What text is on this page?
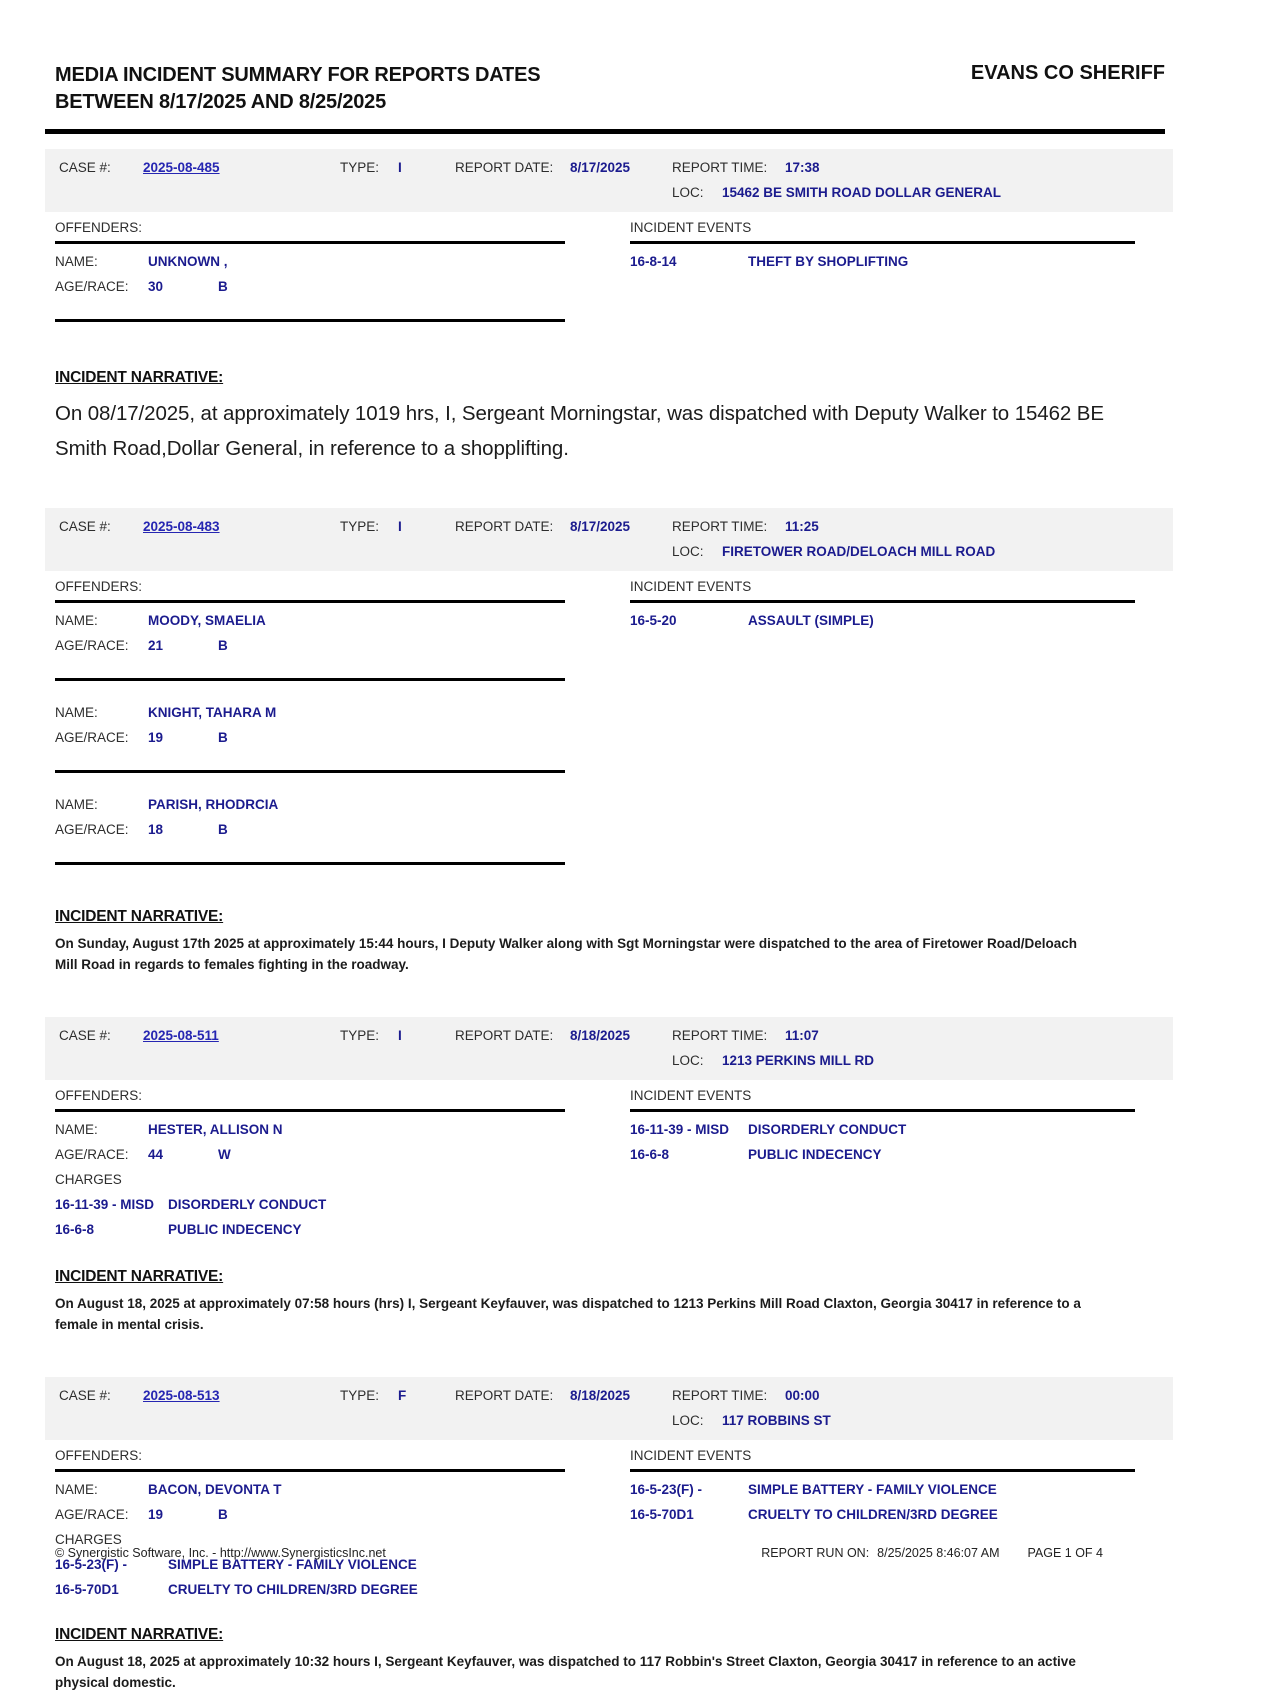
MEDIA INCIDENT SUMMARY FOR REPORTS DATES
BETWEEN 8/17/2025 AND 8/25/2025
EVANS CO SHERIFF
CASE #:	2025-08-485	TYPE:	I	REPORT DATE:	8/17/2025	REPORT TIME:	17:38
LOC:	15462 BE SMITH ROAD DOLLAR GENERAL
OFFENDERS:
NAME:	UNKNOWN ,
AGE/RACE:	30	B
INCIDENT EVENTS
16-8-14	THEFT BY SHOPLIFTING
INCIDENT NARRATIVE:

On 08/17/2025, at approximately 1019 hrs, I, Sergeant Morningstar, was dispatched with Deputy Walker to 15462 BE Smith Road,Dollar General, in reference to a shopplifting.

CASE #:	2025-08-483	TYPE:	I	REPORT DATE:	8/17/2025	REPORT TIME:	11:25
LOC:	FIRETOWER ROAD/DELOACH MILL ROAD
OFFENDERS:
NAME:	MOODY, SMAELIA
AGE/RACE:	21	B
NAME:	KNIGHT, TAHARA M
AGE/RACE:	19	B
NAME:	PARISH, RHODRCIA
AGE/RACE:	18	B
INCIDENT EVENTS
16-5-20	ASSAULT (SIMPLE)
INCIDENT NARRATIVE:

On Sunday, August 17th 2025 at approximately 15:44 hours, I Deputy Walker along with Sgt Morningstar were dispatched to the area of Firetower Road/Deloach Mill Road in regards to females fighting in the roadway.

CASE #:	2025-08-511	TYPE:	I	REPORT DATE:	8/18/2025	REPORT TIME:	11:07
LOC:	1213 PERKINS MILL RD
OFFENDERS:
NAME:	HESTER, ALLISON N
AGE/RACE:	44	W
CHARGES
16-11-39 - MISD	DISORDERLY CONDUCT
16-6-8	PUBLIC INDECENCY
INCIDENT EVENTS
16-11-39 - MISD	DISORDERLY CONDUCT
16-6-8	PUBLIC INDECENCY
INCIDENT NARRATIVE:

On August 18, 2025 at approximately 07:58 hours (hrs) I, Sergeant Keyfauver, was dispatched to 1213 Perkins Mill Road Claxton, Georgia 30417 in reference to a female in mental crisis.

CASE #:	2025-08-513	TYPE:	F	REPORT DATE:	8/18/2025	REPORT TIME:	00:00
LOC:	117 ROBBINS ST
OFFENDERS:
NAME:	BACON, DEVONTA T
AGE/RACE:	19	B
CHARGES
16-5-23(F) -	SIMPLE BATTERY - FAMILY VIOLENCE
16-5-70D1	CRUELTY TO CHILDREN/3RD DEGREE
INCIDENT EVENTS
16-5-23(F) -	SIMPLE BATTERY - FAMILY VIOLENCE
16-5-70D1	CRUELTY TO CHILDREN/3RD DEGREE
INCIDENT NARRATIVE:

On August 18, 2025 at approximately 10:32 hours I, Sergeant Keyfauver, was dispatched to 117 Robbin's Street Claxton, Georgia 30417 in reference to an active physical domestic.

© Synergistic Software, Inc. - http://www.SynergisticsInc.net	REPORT RUN ON: 8/25/2025 8:46:07 AM PAGE 1 OF 4
